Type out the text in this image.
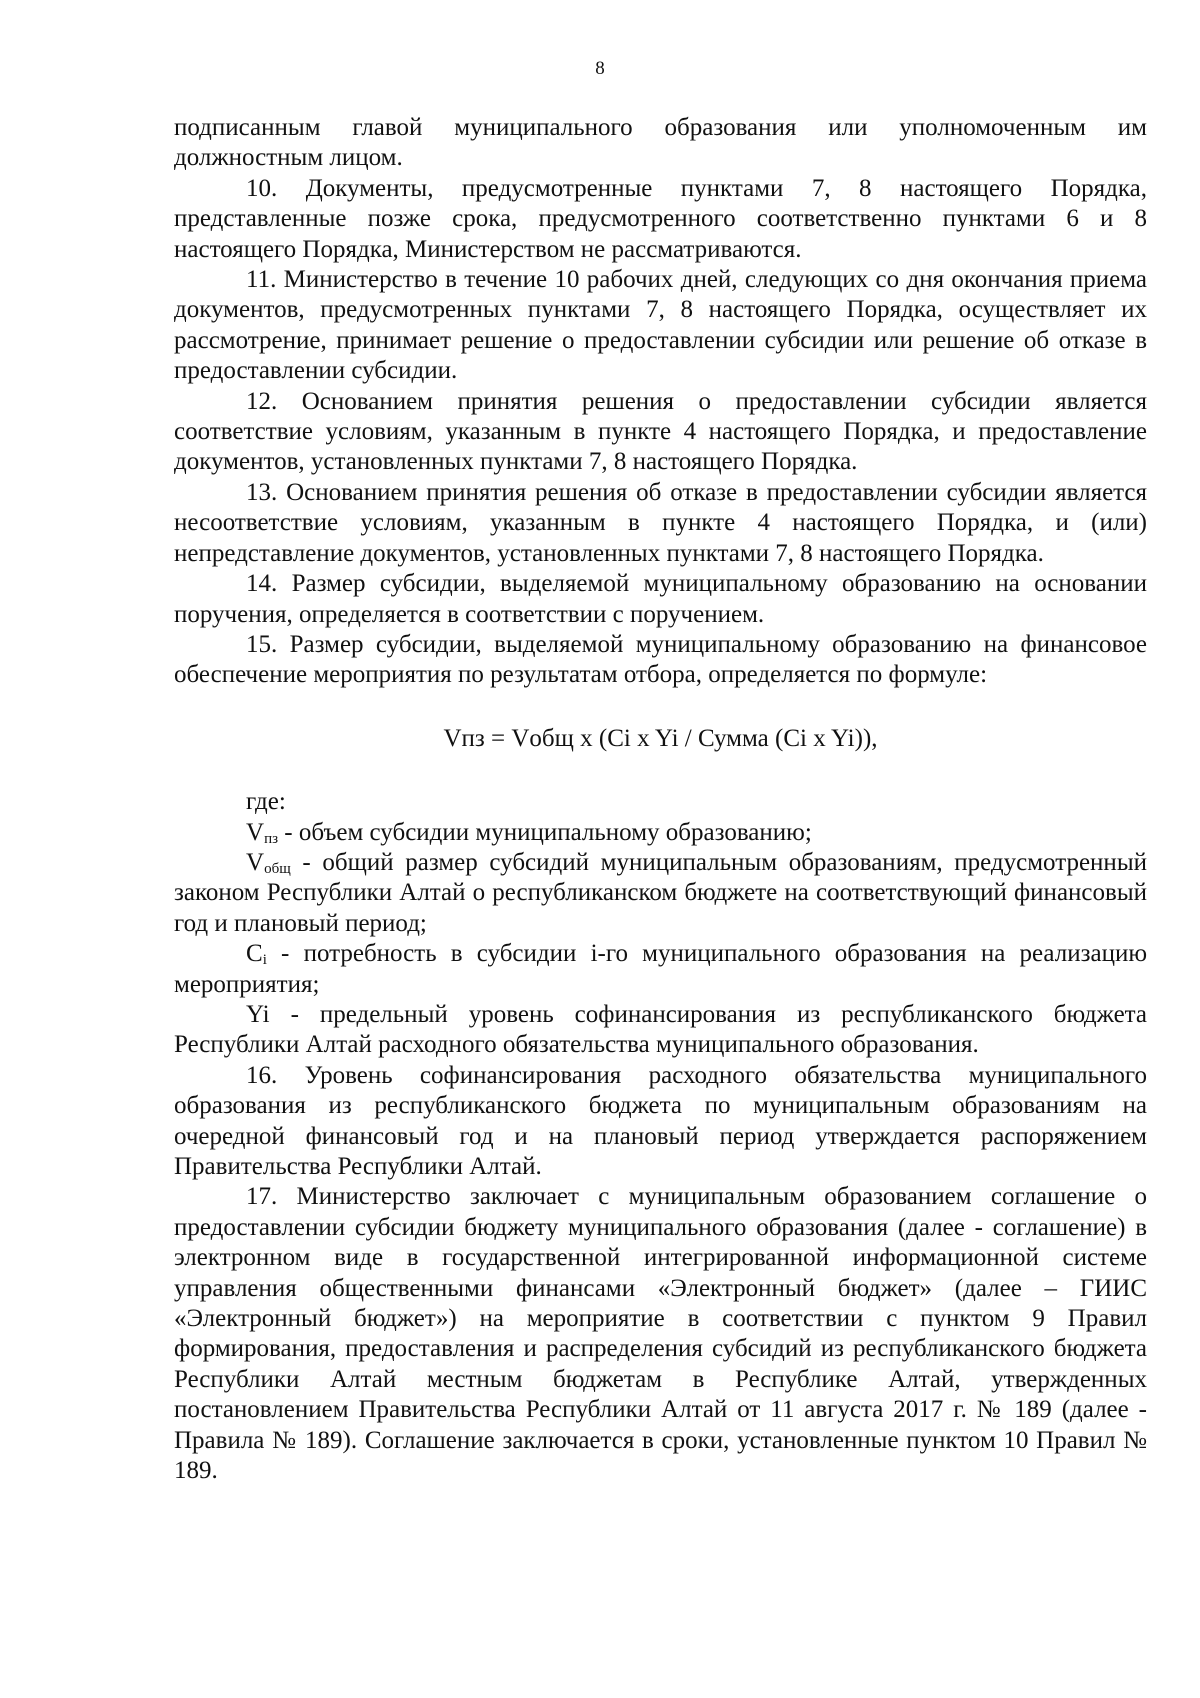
8

подписанным главой муниципального образования или уполномоченным им должностным лицом.

10. Документы, предусмотренные пунктами 7, 8 настоящего Порядка, представленные позже срока, предусмотренного соответственно пунктами 6 и 8 настоящего Порядка, Министерством не рассматриваются.

11. Министерство в течение 10 рабочих дней, следующих со дня окончания приема документов, предусмотренных пунктами 7, 8 настоящего Порядка, осуществляет их рассмотрение, принимает решение о предоставлении субсидии или решение об отказе в предоставлении субсидии.

12. Основанием принятия решения о предоставлении субсидии является соответствие условиям, указанным в пункте 4 настоящего Порядка, и предоставление документов, установленных пунктами 7, 8 настоящего Порядка.

13. Основанием принятия решения об отказе в предоставлении субсидии является несоответствие условиям, указанным в пункте 4 настоящего Порядка, и (или) непредставление документов, установленных пунктами 7, 8 настоящего Порядка.

14. Размер субсидии, выделяемой муниципальному образованию на основании поручения, определяется в соответствии с поручением.

15. Размер субсидии, выделяемой муниципальному образованию на финансовое обеспечение мероприятия по результатам отбора, определяется по формуле:

Vпз = Vобщ x (Ci x Yi / Сумма (Ci x Yi)),

где:

$V_{пз}$ - объем субсидии муниципальному образованию;

$V_{общ}$ - общий размер субсидий муниципальным образованиям, предусмотренный законом Республики Алтай о республиканском бюджете на соответствующий финансовый год и плановый период;

$C_i$ - потребность в субсидии i-го муниципального образования на реализацию мероприятия;

Yi - предельный уровень софинансирования из республиканского бюджета Республики Алтай расходного обязательства муниципального образования.

16. Уровень софинансирования расходного обязательства муниципального образования из республиканского бюджета по муниципальным образованиям на очередной финансовый год и на плановый период утверждается распоряжением Правительства Республики Алтай.

17. Министерство заключает с муниципальным образованием соглашение о предоставлении субсидии бюджету муниципального образования (далее - соглашение) в электронном виде в государственной интегрированной информационной системе управления общественными финансами «Электронный бюджет» (далее – ГИИС «Электронный бюджет») на мероприятие в соответствии с пунктом 9 Правил формирования, предоставления и распределения субсидий из республиканского бюджета Республики Алтай местным бюджетам в Республике Алтай, утвержденных постановлением Правительства Республики Алтай от 11 августа 2017 г. № 189 (далее - Правила № 189). Соглашение заключается в сроки, установленные пунктом 10 Правил № 189.
